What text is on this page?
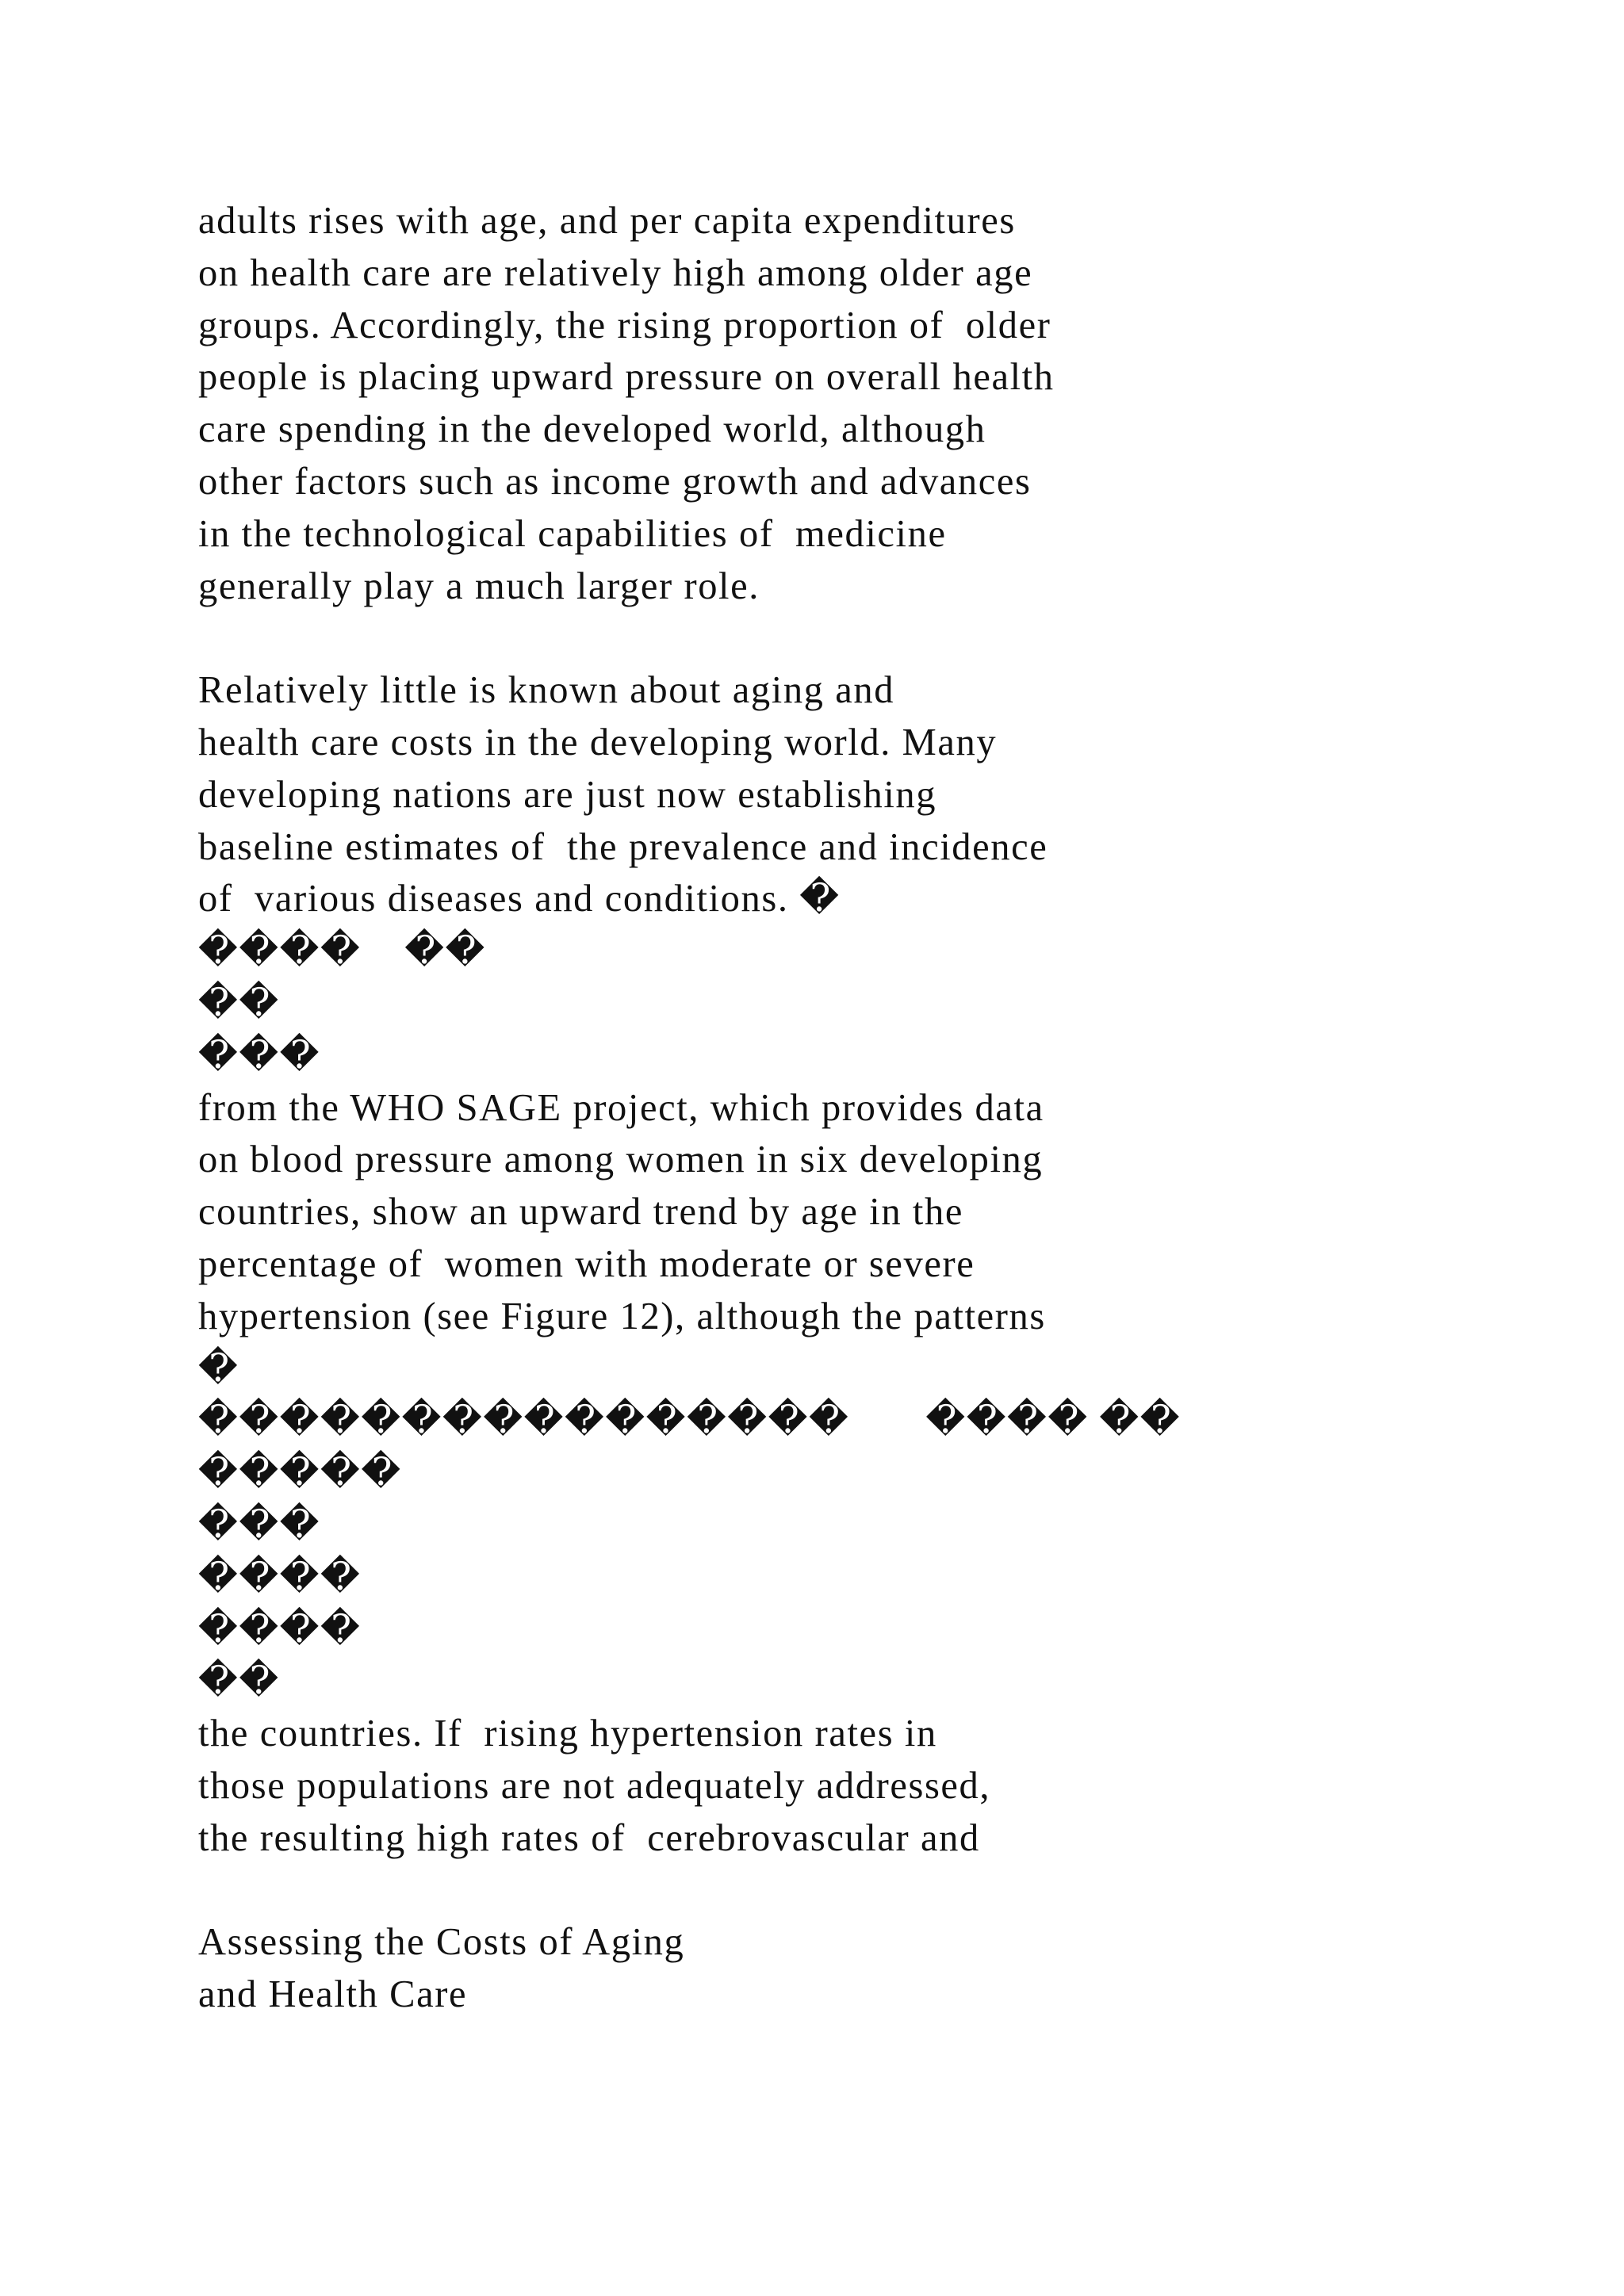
adults rises with age, and per capita expenditures
on health care are relatively high among older age
groups. Accordingly, the rising proportion of  older
people is placing upward pressure on overall health
care spending in the developed world, although
other factors such as income growth and advances
in the technological capabilities of  medicine
generally play a much larger role.
Relatively little is known about aging and
health care costs in the developing world. Many
developing nations are just now establishing
baseline estimates of  the prevalence and incidence
of  various diseases and conditions. �
����    ��
��
���
from the WHO SAGE project, which provides data
on blood pressure among women in six developing
countries, show an upward trend by age in the
percentage of  women with moderate or severe
hypertension (see Figure 12), although the patterns
�
����������������       ���� ��
�����
���
����
����
��
the countries. If  rising hypertension rates in
those populations are not adequately addressed,
the resulting high rates of  cerebrovascular and
Assessing the Costs of Aging
and Health Care
